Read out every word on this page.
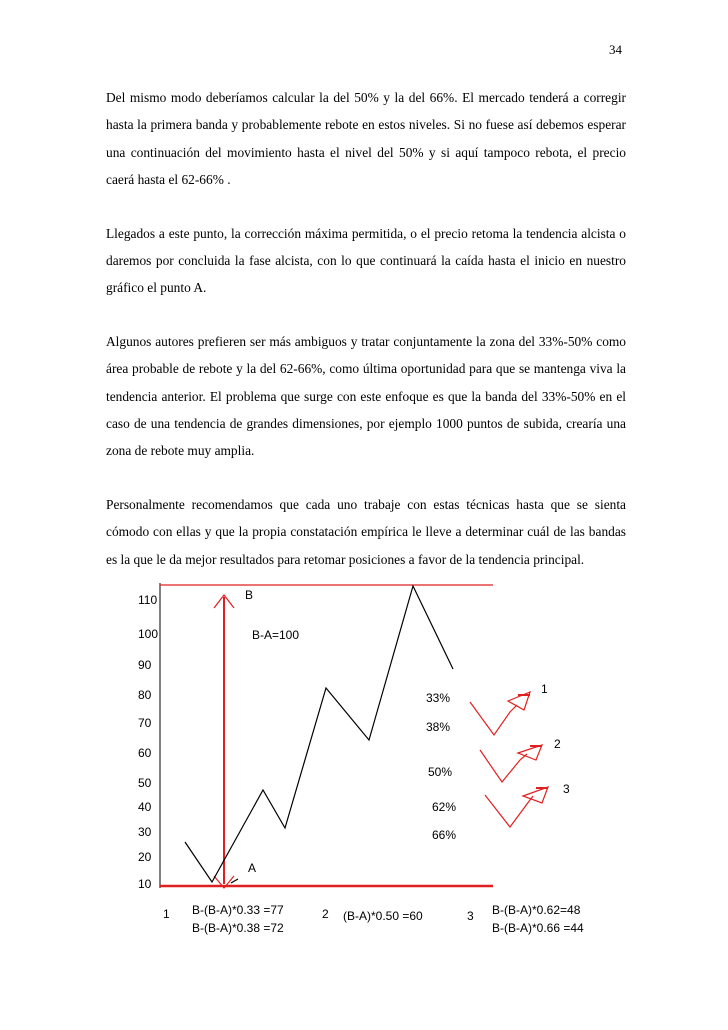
34

Del mismo modo deberíamos calcular la del 50% y la del 66%. El mercado tenderá a corregir hasta la primera banda y probablemente rebote en estos niveles. Si no fuese así debemos esperar una continuación del movimiento hasta el nivel del 50% y si aquí tampoco rebota, el precio caerá hasta el 62-66% .

Llegados a este punto, la corrección máxima permitida, o el precio retoma la tendencia alcista o daremos por concluida la fase alcista, con lo que continuará la caída hasta el inicio en nuestro gráfico el punto A.

Algunos autores prefieren ser más ambiguos y tratar conjuntamente la zona del 33%-50% como área probable de rebote y la del 62-66%, como última oportunidad para que se mantenga viva la tendencia anterior. El problema que surge con este enfoque es que la banda del 33%-50% en el caso de una tendencia de grandes dimensiones, por ejemplo 1000 puntos de subida, crearía una zona de rebote muy amplia.

Personalmente recomendamos que cada uno trabaje con estas técnicas hasta que se sienta cómodo con ellas y que la propia constatación empírica le lleve a determinar cuál de las bandas es la que le da mejor resultados para retomar posiciones a favor de la tendencia principal.

110
100
90
80
70
60
50
40
30
20
10
B
B-A=100
A
33%
38%
50%
62%
66%
1
2
3
1 B-(B-A)*0.33 =77
B-(B-A)*0.38 =72
2 (B-A)*0.50 =60	3 B-(B-A)*0.62=48
B-(B-A)*0.66 =44
